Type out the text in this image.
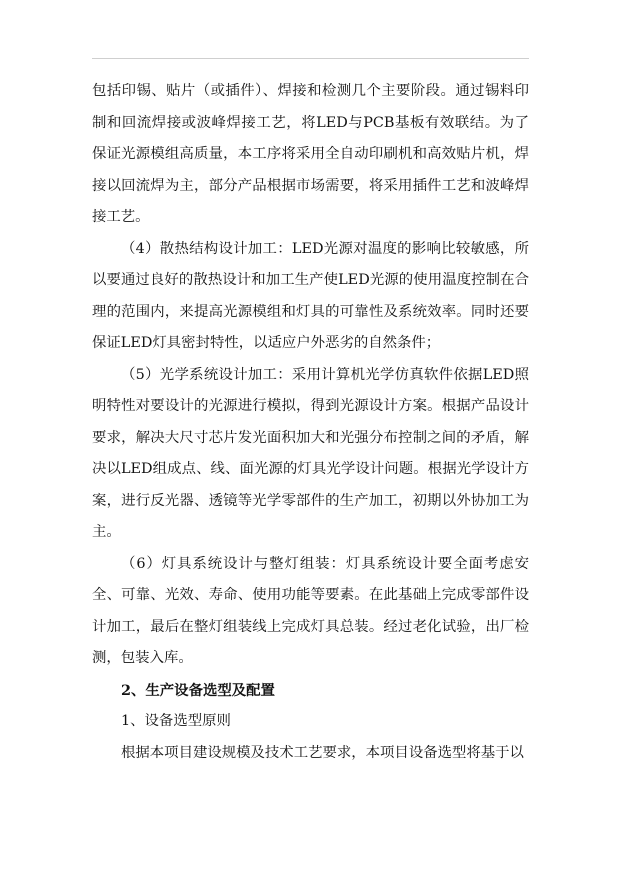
包括印锡、贴片（或插件）、焊接和检测几个主要阶段。通过锡料印制和回流焊接或波峰焊接工艺，将LED与PCB基板有效联结。为了保证光源模组高质量，本工序将采用全自动印刷机和高效贴片机，焊接以回流焊为主，部分产品根据市场需要，将采用插件工艺和波峰焊接工艺。

（4）散热结构设计加工：LED光源对温度的影响比较敏感，所以要通过良好的散热设计和加工生产使LED光源的使用温度控制在合理的范围内，来提高光源模组和灯具的可靠性及系统效率。同时还要保证LED灯具密封特性，以适应户外恶劣的自然条件；

（5）光学系统设计加工：采用计算机光学仿真软件依据LED照明特性对要设计的光源进行模拟，得到光源设计方案。根据产品设计要求，解决大尺寸芯片发光面积加大和光强分布控制之间的矛盾，解决以LED组成点、线、面光源的灯具光学设计问题。根据光学设计方案，进行反光器、透镜等光学零部件的生产加工，初期以外协加工为主。

（6）灯具系统设计与整灯组装：灯具系统设计要全面考虑安全、可靠、光效、寿命、使用功能等要素。在此基础上完成零部件设计加工，最后在整灯组装线上完成灯具总装。经过老化试验，出厂检测，包装入库。

2、生产设备选型及配置

1、设备选型原则

根据本项目建设规模及技术工艺要求，本项目设备选型将基于以
